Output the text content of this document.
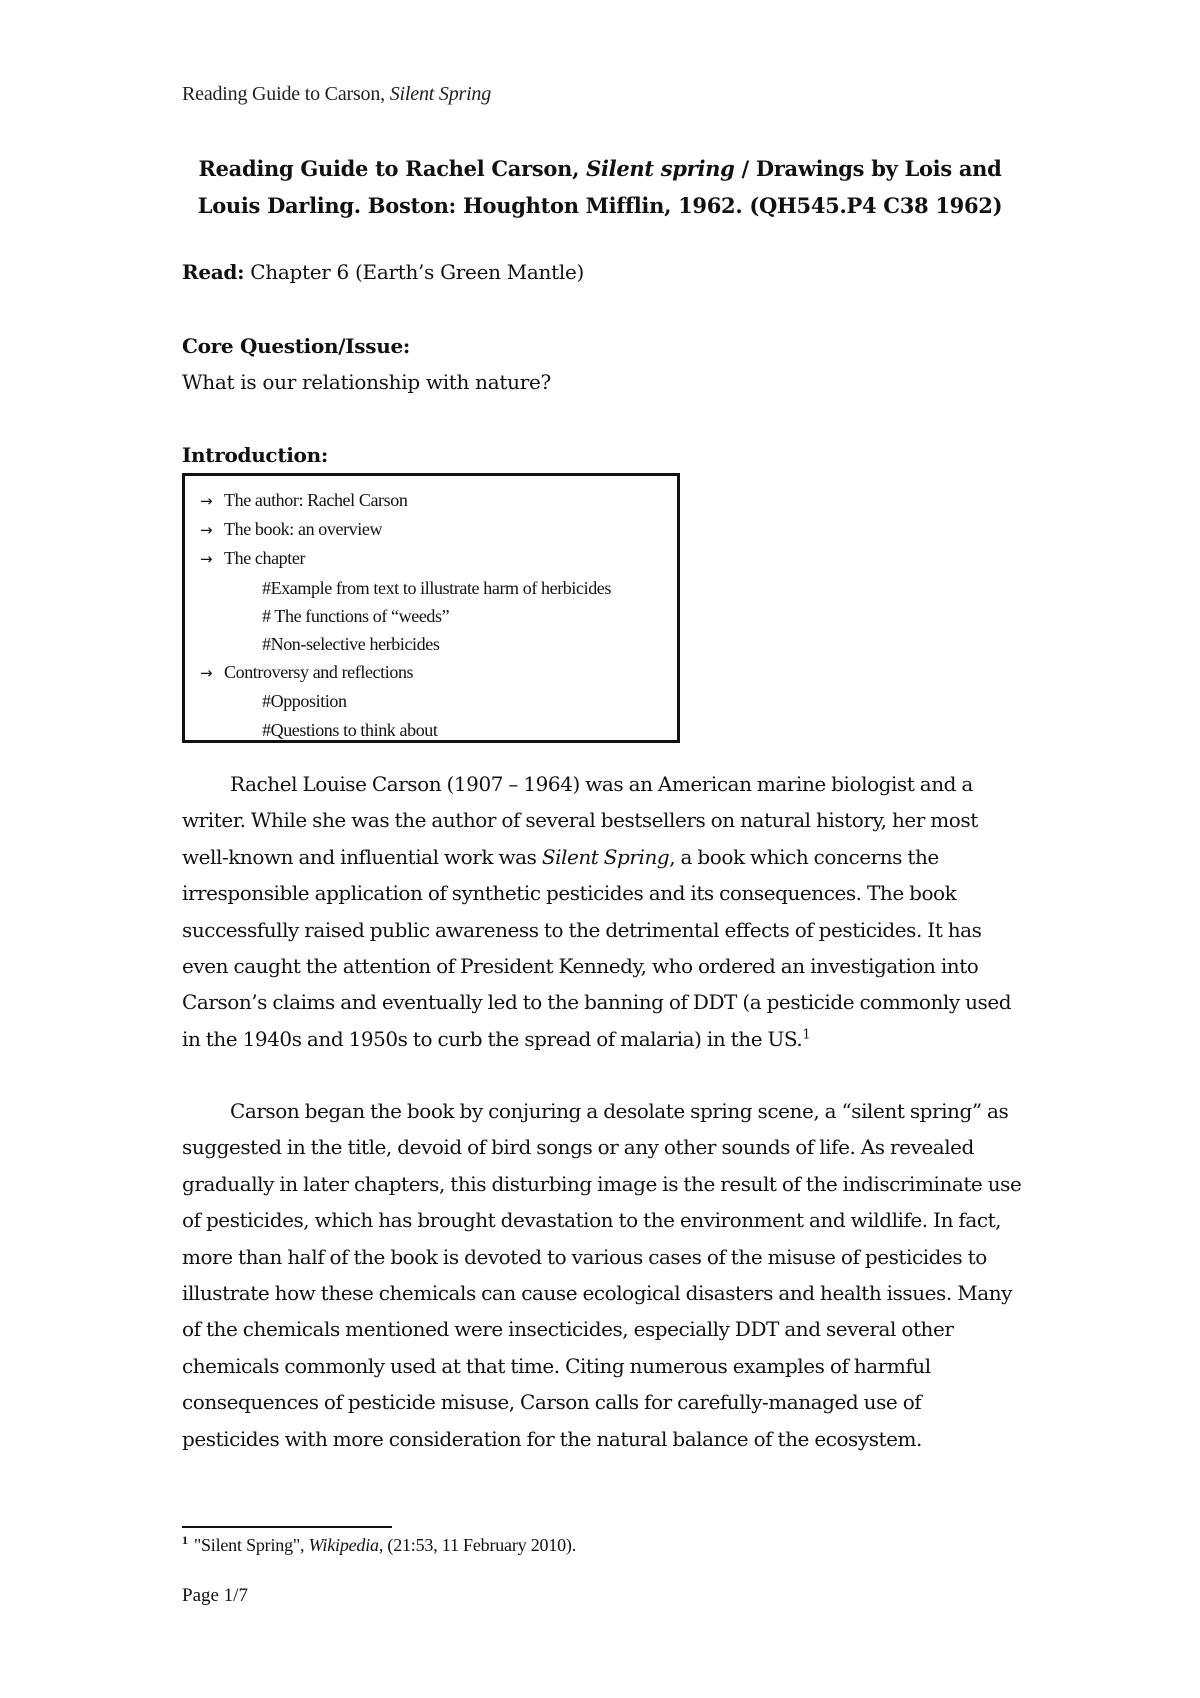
Reading Guide to Carson, Silent Spring
Reading Guide to Rachel Carson, Silent spring / Drawings by Lois and Louis Darling. Boston: Houghton Mifflin, 1962. (QH545.P4 C38 1962)
Read: Chapter 6 (Earth’s Green Mantle)
Core Question/Issue:
What is our relationship with nature?
Introduction:
→ The author: Rachel Carson
→ The book: an overview
→ The chapter
#Example from text to illustrate harm of herbicides
# The functions of “weeds”
#Non-selective herbicides
→ Controversy and reflections
#Opposition
#Questions to think about
Rachel Louise Carson (1907 – 1964) was an American marine biologist and a writer. While she was the author of several bestsellers on natural history, her most well-known and influential work was Silent Spring, a book which concerns the irresponsible application of synthetic pesticides and its consequences. The book successfully raised public awareness to the detrimental effects of pesticides. It has even caught the attention of President Kennedy, who ordered an investigation into Carson’s claims and eventually led to the banning of DDT (a pesticide commonly used in the 1940s and 1950s to curb the spread of malaria) in the US.$^1$
Carson began the book by conjuring a desolate spring scene, a “silent spring” as suggested in the title, devoid of bird songs or any other sounds of life. As revealed gradually in later chapters, this disturbing image is the result of the indiscriminate use of pesticides, which has brought devastation to the environment and wildlife. In fact, more than half of the book is devoted to various cases of the misuse of pesticides to illustrate how these chemicals can cause ecological disasters and health issues. Many of the chemicals mentioned were insecticides, especially DDT and several other chemicals commonly used at that time. Citing numerous examples of harmful consequences of pesticide misuse, Carson calls for carefully-managed use of pesticides with more consideration for the natural balance of the ecosystem.
$^1$ "Silent Spring", Wikipedia, (21:53, 11 February 2010).
Page 1/7
